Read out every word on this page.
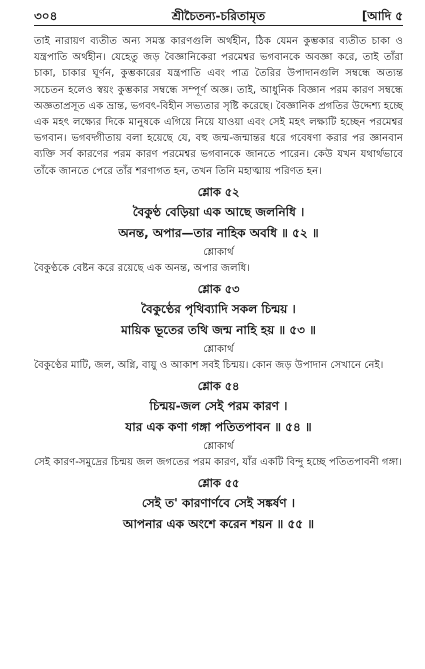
৩০৪	শ্রীচৈতন্য-চরিতামৃত	[আদি ৫

তাই নারায়ণ ব্যতীত অন্য সমস্ত কারণগুলি অর্থহীন, ঠিক যেমন কুম্ভকার ব্যতীত চাকা ও যন্ত্রপাতি অর্থহীন। যেহেতু জড় বৈজ্ঞানিকেরা পরমেশ্বর ভগবানকে অবজ্ঞা করে, তাই তাঁরা চাকা, চাকার ঘূর্ণন, কুম্ভকারের যন্ত্রপাতি এবং পাত্র তৈরির উপাদানগুলি সম্বন্ধে অত্যন্ত সচেতন হলেও স্বয়ং কুম্ভকার সম্বন্ধে সম্পূর্ণ অজ্ঞ। তাই, আধুনিক বিজ্ঞান পরম কারণ সম্বন্ধে অজ্ঞতাপ্রসূত এক ভ্রান্ত, ভগবৎ-বিহীন সভ্যতার সৃষ্টি করেছে। বৈজ্ঞানিক প্রগতির উদ্দেশ্য হচ্ছে এক মহৎ লক্ষ্যের দিকে মানুষকে এগিয়ে নিয়ে যাওয়া এবং সেই মহৎ লক্ষ্যটি হচ্ছেন পরমেশ্বর ভগবান। ভগবদ্গীতায় বলা হয়েছে যে, বহু জন্ম-জন্মান্তর ধরে গবেষণা করার পর জ্ঞানবান ব্যক্তি সর্ব কারণের পরম কারণ পরমেশ্বর ভগবানকে জানতে পারেন। কেউ যখন যথার্থভাবে তাঁকে জানতে পেরে তাঁর শরণাগত হন, তখন তিনি মহাত্মায় পরিণত হন।

শ্লোক ৫২
বৈকুণ্ঠ বেড়িয়া এক আছে জলনিধি ।
অনন্ত, অপার—তার নাহিক অবধি ॥ ৫২ ॥
শ্লোকার্থ

বৈকুণ্ঠকে বেষ্টন করে রয়েছে এক অনন্ত, অপার জলধি।

শ্লোক ৫৩
বৈকুণ্ঠের পৃথিব্যাদি সকল চিন্ময় ।
মায়িক ভূতের তথি জন্ম নাহি হয় ॥ ৫৩ ॥
শ্লোকার্থ

বৈকুণ্ঠের মাটি, জল, অগ্নি, বায়ু ও আকাশ সবই চিন্ময়। কোন জড় উপাদান সেখানে নেই।

শ্লোক ৫৪
চিন্ময়-জল সেই পরম কারণ ।
যার এক কণা গঙ্গা পতিতপাবন ॥ ৫৪ ॥
শ্লোকার্থ

সেই কারণ-সমুদ্রের চিন্ময় জল জগতের পরম কারণ, যাঁর একটি বিন্দু হচ্ছে পতিতপাবনী গঙ্গা।

শ্লোক ৫৫
সেই ত' কারণার্ণবে সেই সঙ্কর্ষণ ।
আপনার এক অংশে করেন শয়ন ॥ ৫৫ ॥
